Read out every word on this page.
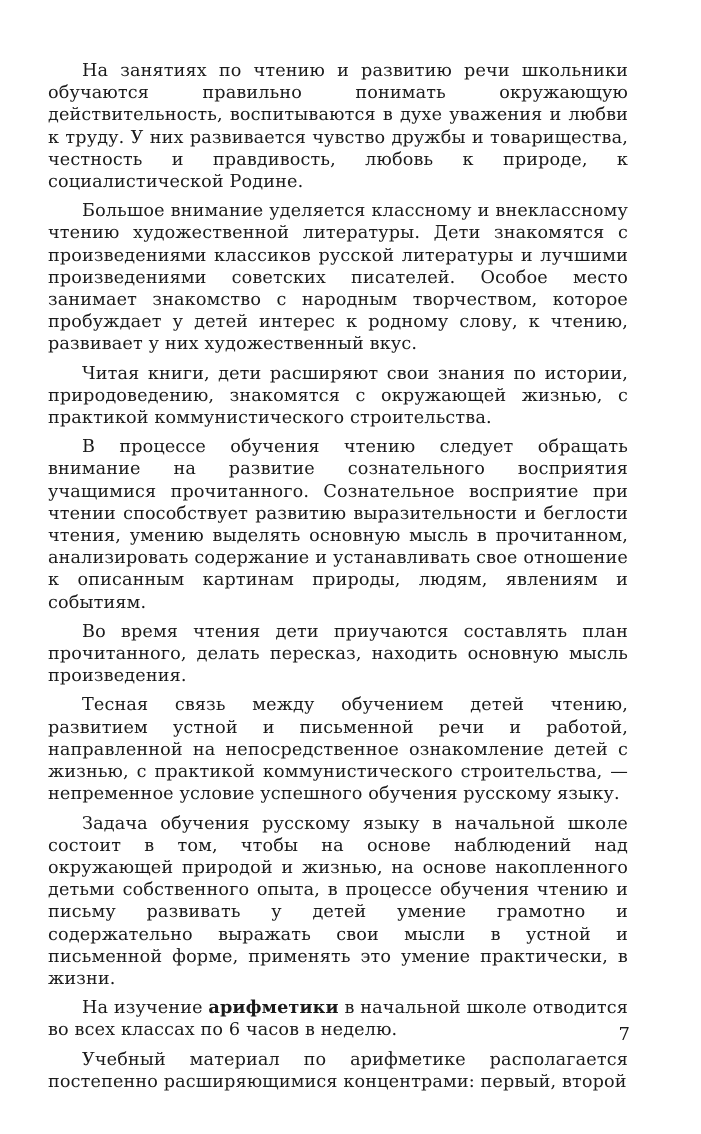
На занятиях по чтению и развитию речи школьники обучаются правильно понимать окружающую действительность, воспитываются в духе уважения и любви к труду. У них развивается чувство дружбы и товарищества, честность и правдивость, любовь к природе, к социалистической Родине.

Большое внимание уделяется классному и внеклассному чтению художественной литературы. Дети знакомятся с произведениями классиков русской литературы и лучшими произведениями советских писателей. Особое место занимает знакомство с народным творчеством, которое пробуждает у детей интерес к родному слову, к чтению, развивает у них художественный вкус.

Читая книги, дети расширяют свои знания по истории, природоведению, знакомятся с окружающей жизнью, с практикой коммунистического строительства.

В процессе обучения чтению следует обращать внимание на развитие сознательного восприятия учащимися прочитанного. Сознательное восприятие при чтении способствует развитию выразительности и беглости чтения, умению выделять основную мысль в прочитанном, анализировать содержание и устанавливать свое отношение к описанным картинам природы, людям, явлениям и событиям.

Во время чтения дети приучаются составлять план прочитанного, делать пересказ, находить основную мысль произведения.

Тесная связь между обучением детей чтению, развитием устной и письменной речи и работой, направленной на непосредственное ознакомление детей с жизнью, с практикой коммунистического строительства, — непременное условие успешного обучения русскому языку.

Задача обучения русскому языку в начальной школе состоит в том, чтобы на основе наблюдений над окружающей природой и жизнью, на основе накопленного детьми собственного опыта, в процессе обучения чтению и письму развивать у детей умение грамотно и содержательно выражать свои мысли в устной и письменной форме, применять это умение практически, в жизни.

На изучение арифметики в начальной школе отводится во всех классах по 6 часов в неделю.

Учебный материал по арифметике располагается постепенно расширяющимися концентрами: первый, второй

7
